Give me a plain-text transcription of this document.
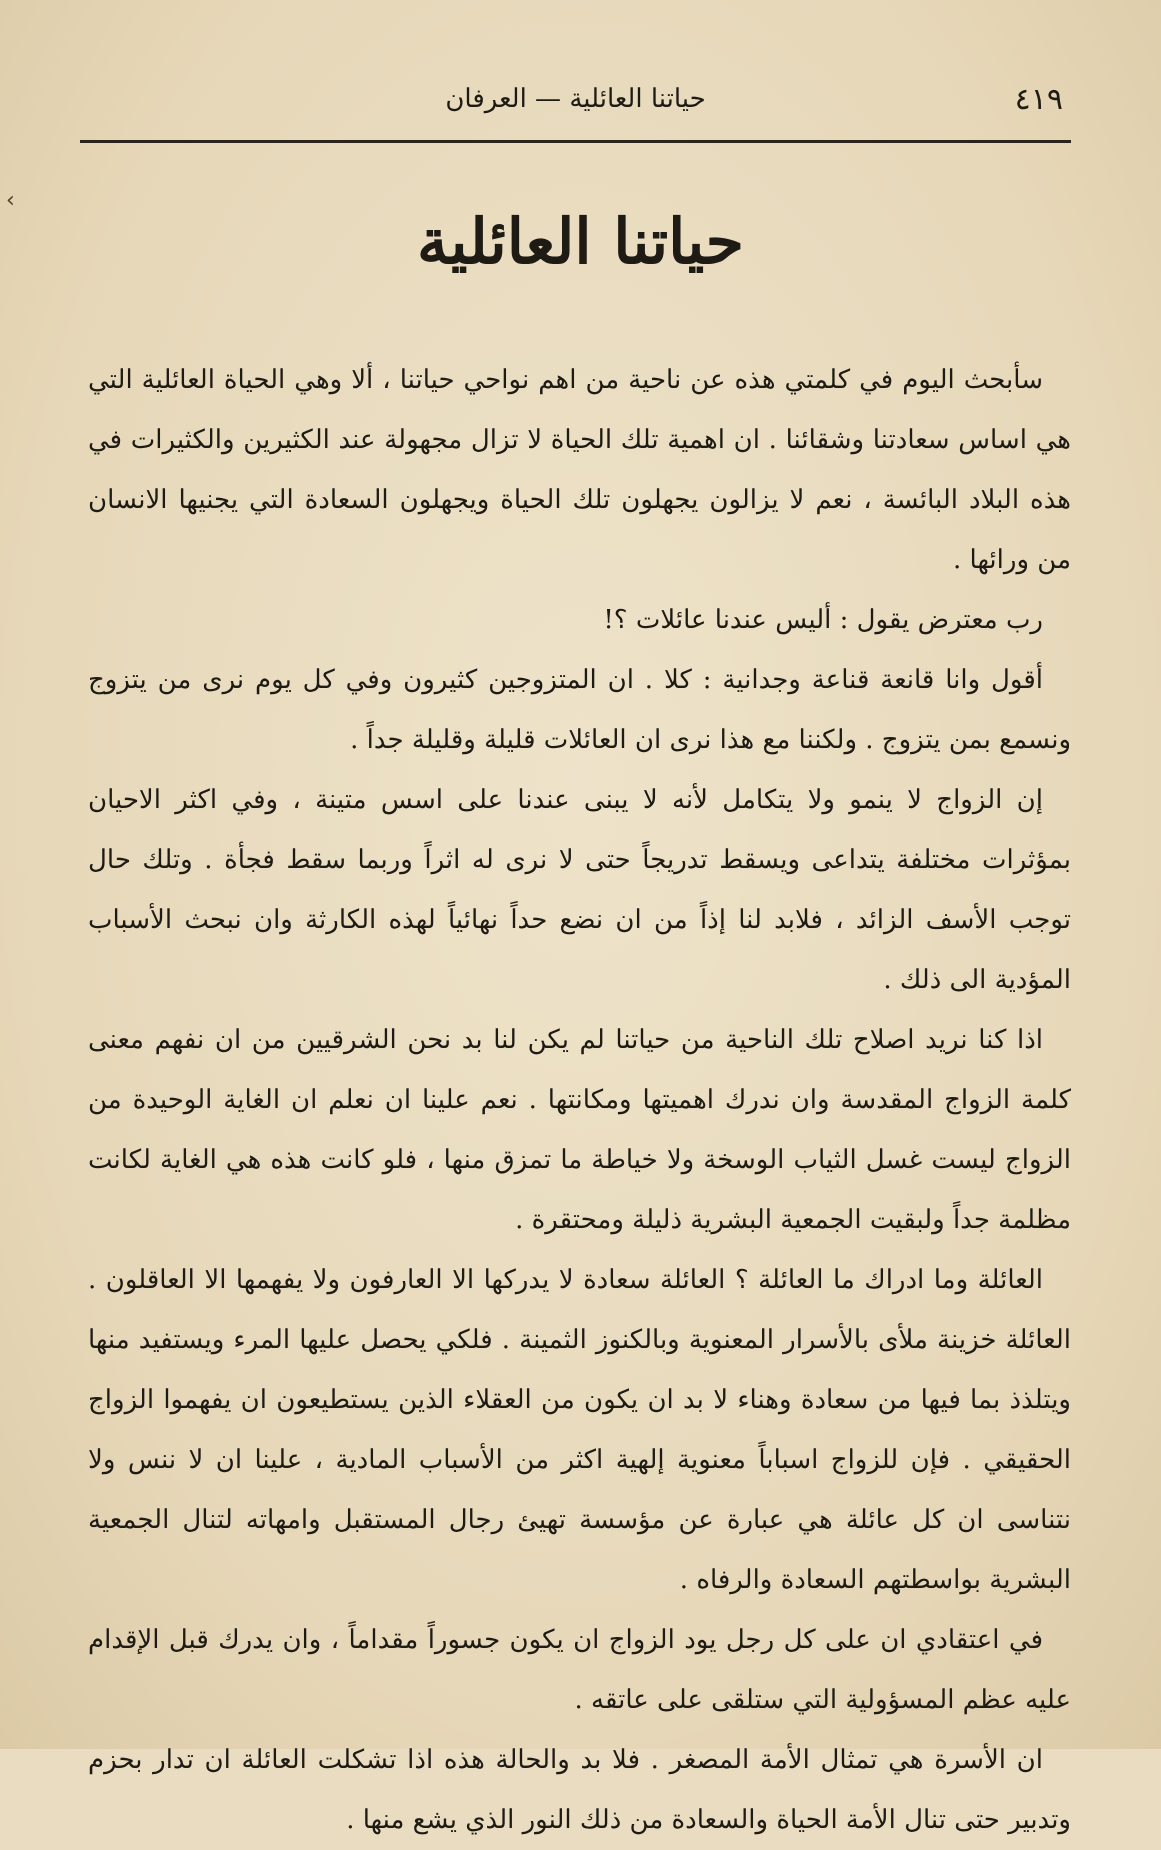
‹
٤١٩
حياتنا العائلية — العرفان
حياتنا العائلية

سأبحث اليوم في كلمتي هذه عن ناحية من اهم نواحي حياتنا ، ألا وهي الحياة العائلية التي هي اساس سعادتنا وشقائنا . ان اهمية تلك الحياة لا تزال مجهولة عند الكثيرين والكثيرات في هذه البلاد البائسة ، نعم لا يزالون يجهلون تلك الحياة ويجهلون السعادة التي يجنيها الانسان من ورائها .

رب معترض يقول : أليس عندنا عائلات ؟!

أقول وانا قانعة قناعة وجدانية : كلا . ان المتزوجين كثيرون وفي كل يوم نرى من يتزوج ونسمع بمن يتزوج . ولكننا مع هذا نرى ان العائلات قليلة وقليلة جداً .

إن الزواج لا ينمو ولا يتكامل لأنه لا يبنى عندنا على اسس متينة ، وفي اكثر الاحيان بمؤثرات مختلفة يتداعى ويسقط تدريجاً حتى لا نرى له اثراً وربما سقط فجأة . وتلك حال توجب الأسف الزائد ، فلابد لنا إذاً من ان نضع حداً نهائياً لهذه الكارثة وان نبحث الأسباب المؤدية الى ذلك .

اذا كنا نريد اصلاح تلك الناحية من حياتنا لم يكن لنا بد نحن الشرقيين من ان نفهم معنى كلمة الزواج المقدسة وان ندرك اهميتها ومكانتها . نعم علينا ان نعلم ان الغاية الوحيدة من الزواج ليست غسل الثياب الوسخة ولا خياطة ما تمزق منها ، فلو كانت هذه هي الغاية لكانت مظلمة جداً ولبقيت الجمعية البشرية ذليلة ومحتقرة .

العائلة وما ادراك ما العائلة ؟ العائلة سعادة لا يدركها الا العارفون ولا يفهمها الا العاقلون . العائلة خزينة ملأى بالأسرار المعنوية وبالكنوز الثمينة . فلكي يحصل عليها المرء ويستفيد منها ويتلذذ بما فيها من سعادة وهناء لا بد ان يكون من العقلاء الذين يستطيعون ان يفهموا الزواج الحقيقي . فإن للزواج اسباباً معنوية إلهية اكثر من الأسباب المادية ، علينا ان لا ننس ولا نتناسى ان كل عائلة هي عبارة عن مؤسسة تهيئ رجال المستقبل وامهاته لتنال الجمعية البشرية بواسطتهم السعادة والرفاه .

في اعتقادي ان على كل رجل يود الزواج ان يكون جسوراً مقداماً ، وان يدرك قبل الإقدام عليه عظم المسؤولية التي ستلقى على عاتقه .

ان الأسرة هي تمثال الأمة المصغر . فلا بد والحالة هذه اذا تشكلت العائلة ان تدار بحزم وتدبير حتى تنال الأمة الحياة والسعادة من ذلك النور الذي يشع منها .
